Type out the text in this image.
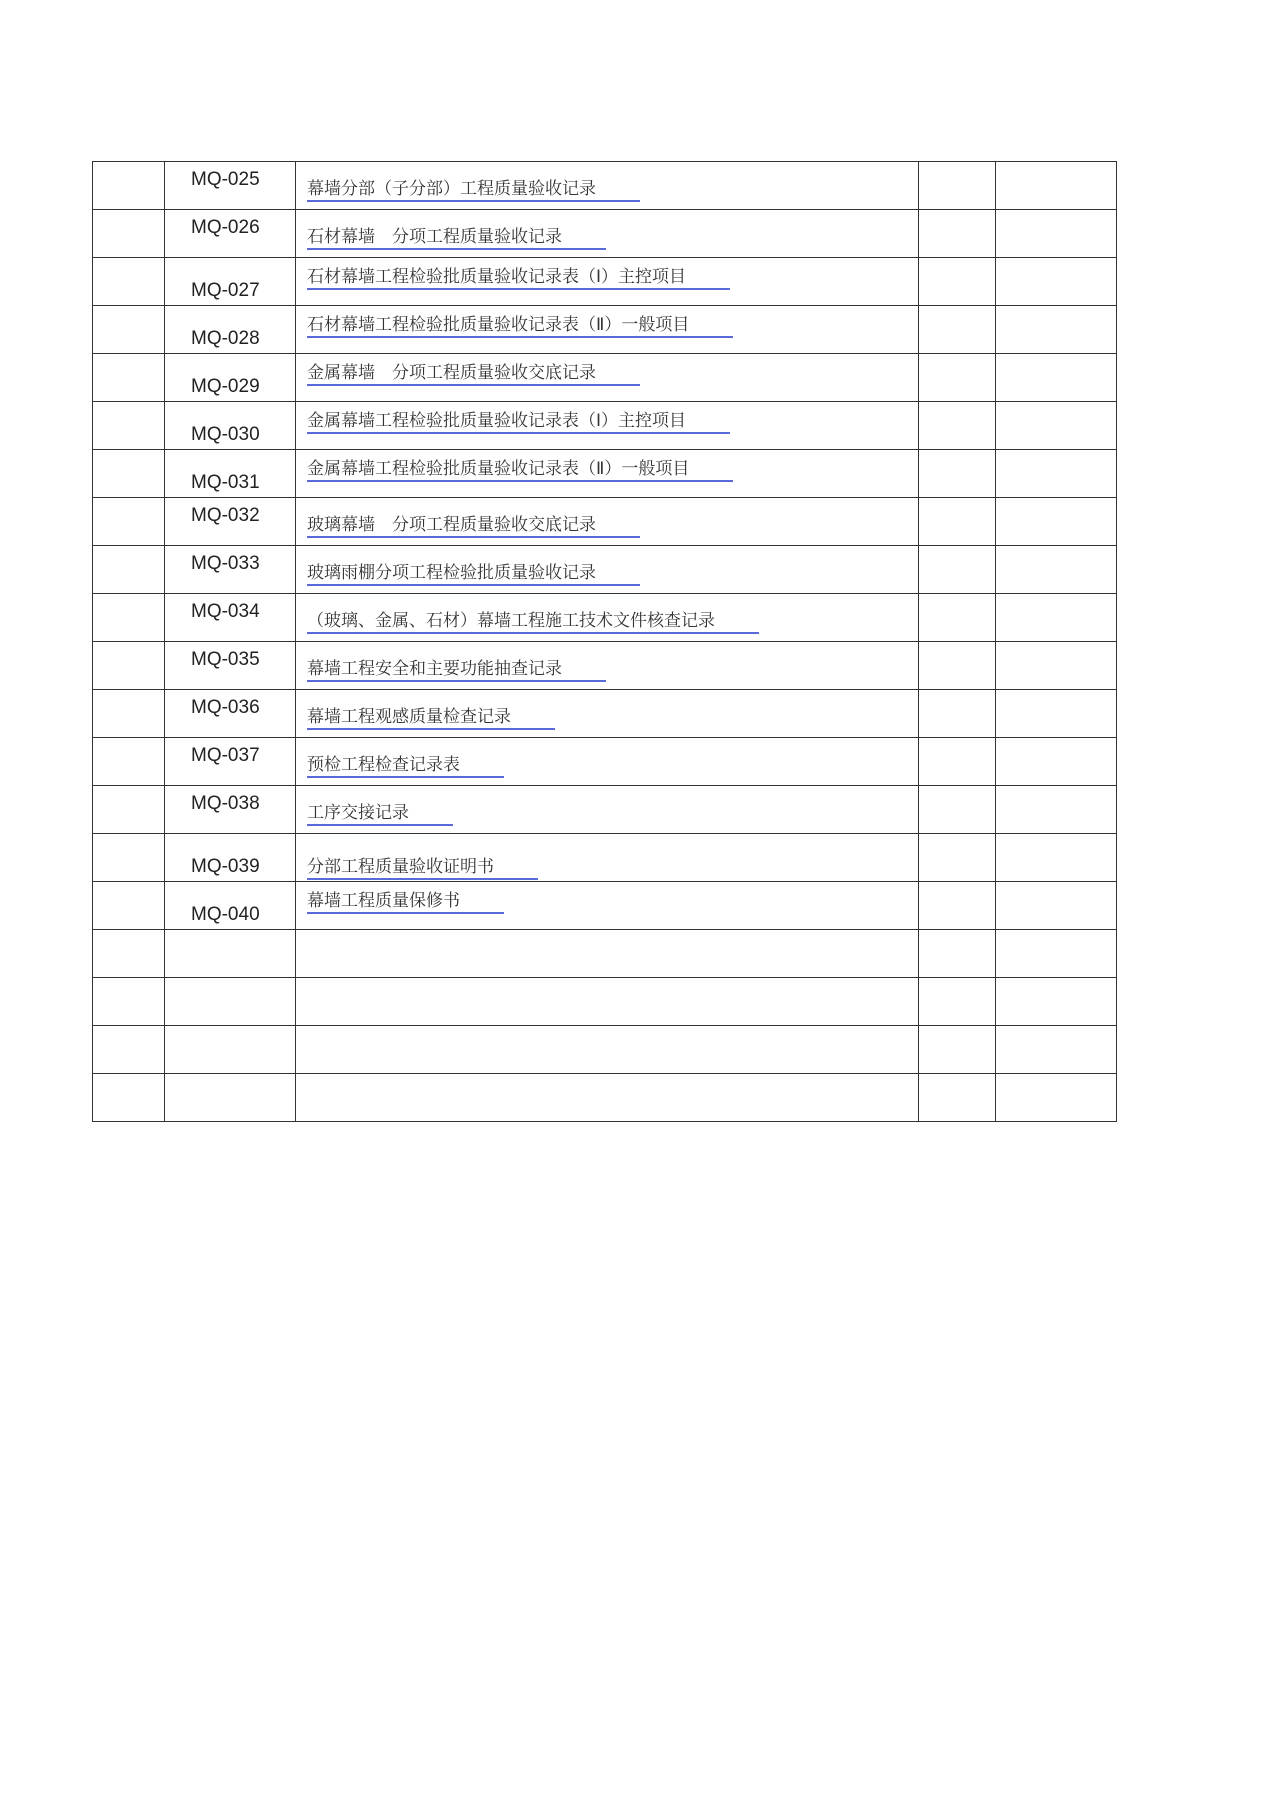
	MQ-025	幕墙分部（子分部）工程质量验收记录		

	MQ-026	石材幕墙　分项工程质量验收记录		

	MQ-027	石材幕墙工程检验批质量验收记录表（Ⅰ）主控项目		

	MQ-028	石材幕墙工程检验批质量验收记录表（Ⅱ）一般项目		

	MQ-029	金属幕墙　分项工程质量验收交底记录		

	MQ-030	金属幕墙工程检验批质量验收记录表（Ⅰ）主控项目		

	MQ-031	金属幕墙工程检验批质量验收记录表（Ⅱ）一般项目		

	MQ-032	玻璃幕墙　分项工程质量验收交底记录		

	MQ-033	玻璃雨棚分项工程检验批质量验收记录		

	MQ-034	（玻璃、金属、石材）幕墙工程施工技术文件核查记录		

	MQ-035	幕墙工程安全和主要功能抽查记录		

	MQ-036	幕墙工程观感质量检查记录		

	MQ-037	预检工程检查记录表		

	MQ-038	工序交接记录		

	MQ-039	分部工程质量验收证明书		

	MQ-040	幕墙工程质量保修书		
